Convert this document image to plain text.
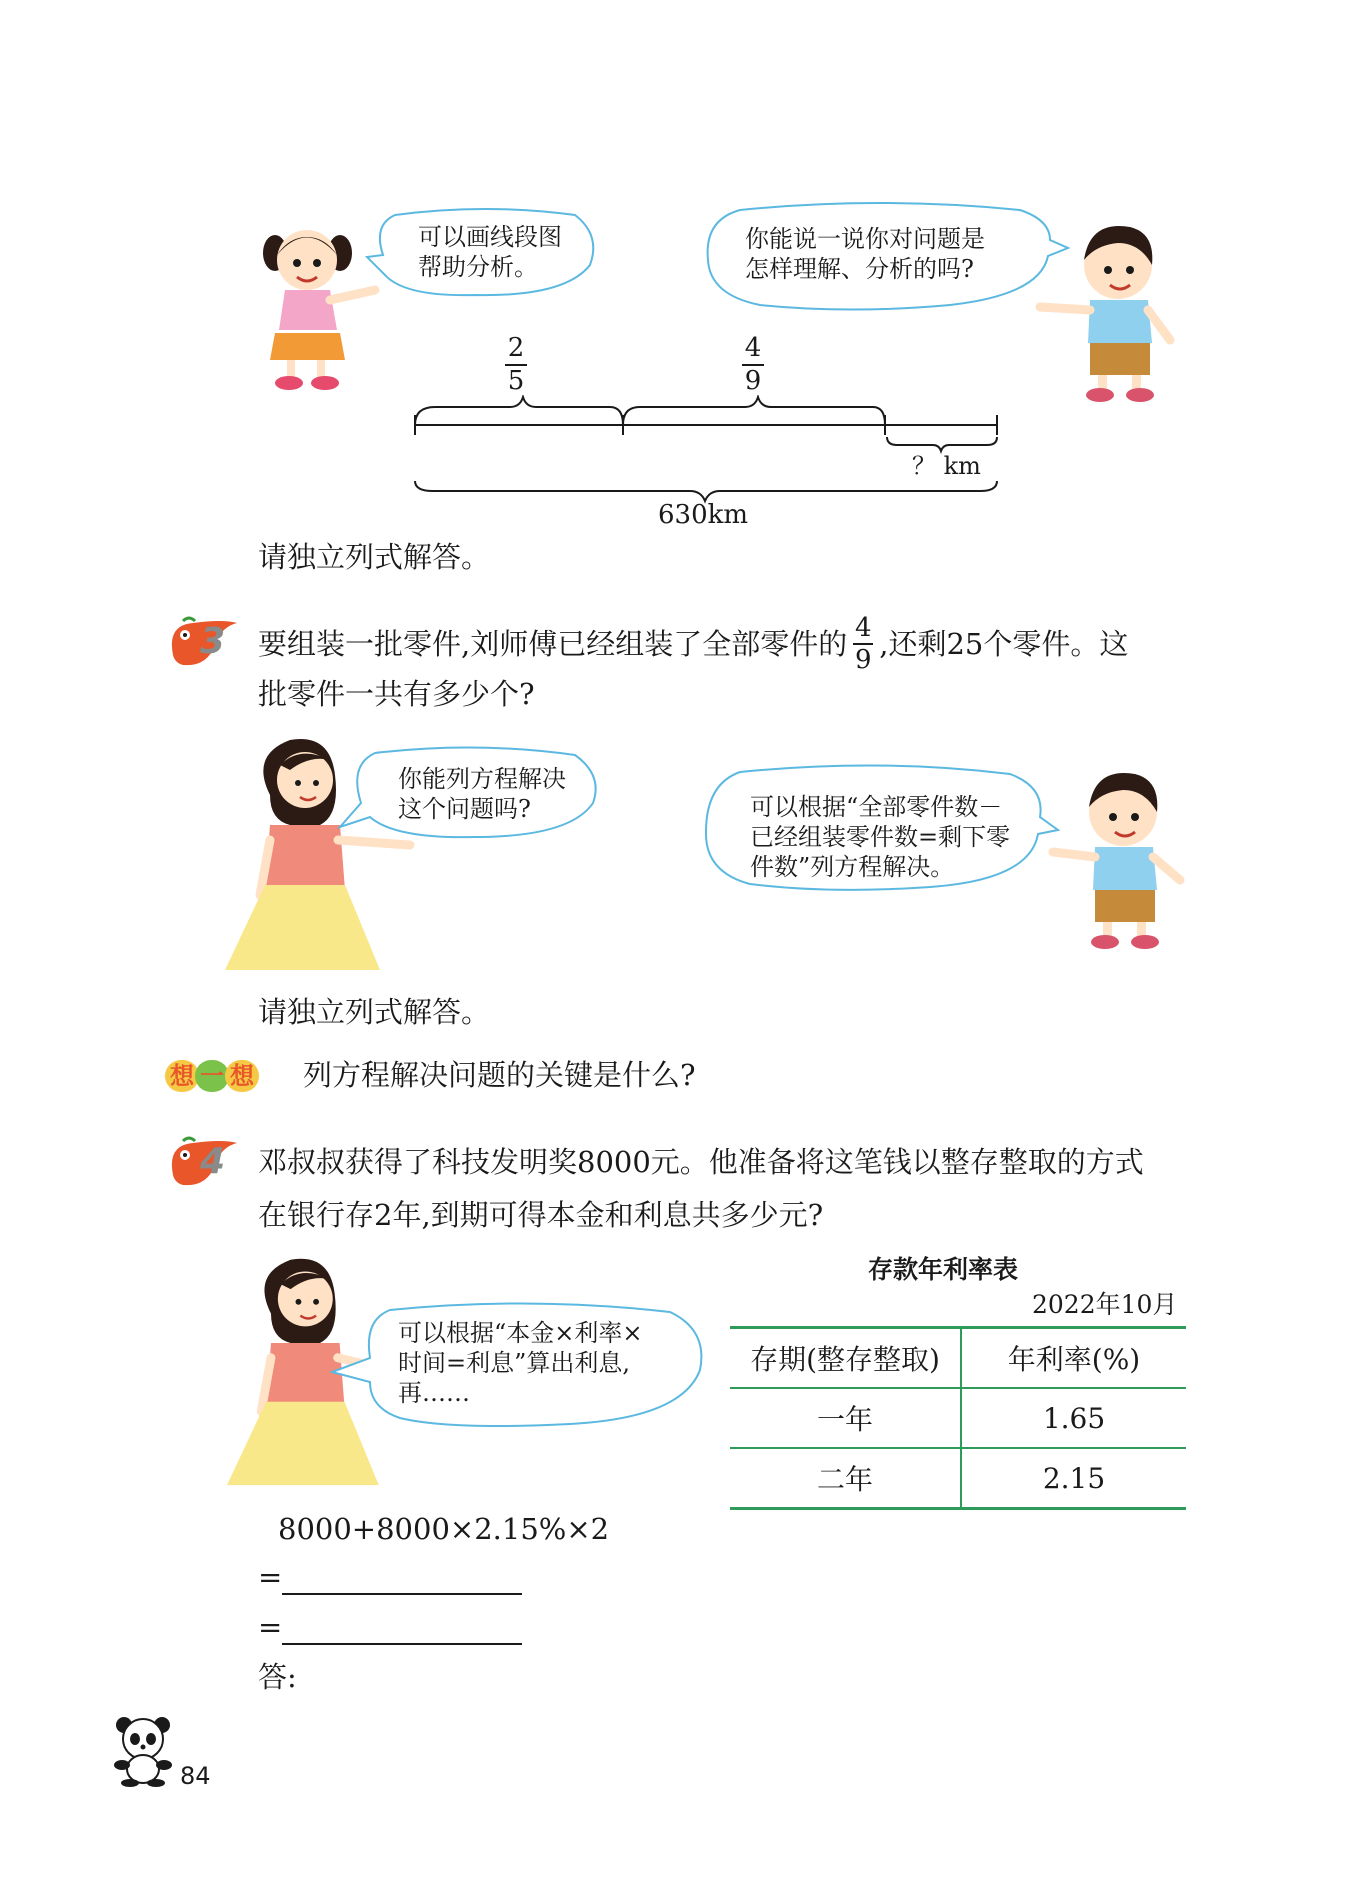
可以画线段图
帮助分析。
你能说一说你对问题是
怎样理解、分析的吗?
2
5
4
9
？ km
630km
请独立列式解答。
3 要组装一批零件,刘师傅已经组装了全部零件的 $\frac{4}{9}$ ,还剩25个零件。这
批零件一共有多少个?
你能列方程解决
这个问题吗?	可以根据“全部零件数－
已经组装零件数=剩下零
件数”列方程解决。
请独立列式解答。
想 一 想 列方程解决问题的关键是什么?
4 邓叔叔获得了科技发明奖8000元。他准备将这笔钱以整存整取的方式
在银行存2年,到期可得本金和利息共多少元?
可以根据“本金×利率×
时间=利息”算出利息,
再……
存款年利率表
2022年10月
存期(整存整取)	年利率(%)
一年	1.65
二年	2.15
8000+8000×2.15%×2
=
=
答:
84
